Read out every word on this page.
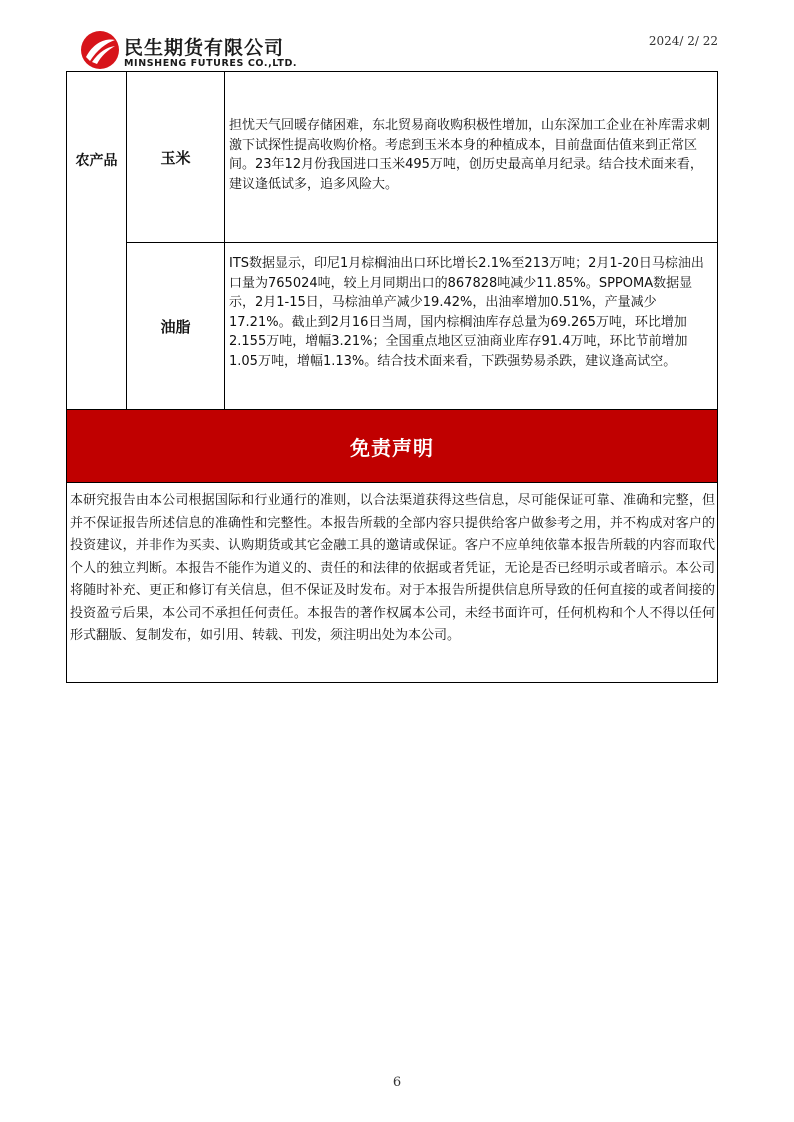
民生期货有限公司
MINSHENG FUTURES CO.,LTD.
2024/ 2/ 22
农产品	玉米
担忧天气回暖存储困难，东北贸易商收购积极性增加，山东深加工企业在补库需求刺激下试探性提高收购价格。考虑到玉米本身的种植成本，目前盘面估值来到正常区间。23年12月份我国进口玉米495万吨，创历史最高单月纪录。结合技术面来看，建议逢低试多，追多风险大。
油脂
ITS数据显示，印尼1月棕榈油出口环比增长2.1%至213万吨；2月1-20日马棕油出口量为765024吨，较上月同期出口的867828吨减少11.85%。SPPOMA数据显示，2月1-15日，马棕油单产减少19.42%，出油率增加0.51%，产量减少17.21%。截止到2月16日当周，国内棕榈油库存总量为69.265万吨，环比增加2.155万吨，增幅3.21%；全国重点地区豆油商业库存91.4万吨，环比节前增加1.05万吨，增幅1.13%。结合技术面来看，下跌强势易杀跌，建议逢高试空。
免责声明
本研究报告由本公司根据国际和行业通行的准则，以合法渠道获得这些信息，尽可能保证可靠、准确和完整，但并不保证报告所述信息的准确性和完整性。本报告所载的全部内容只提供给客户做参考之用，并不构成对客户的投资建议，并非作为买卖、认购期货或其它金融工具的邀请或保证。客户不应单纯依靠本报告所载的内容而取代个人的独立判断。本报告不能作为道义的、责任的和法律的依据或者凭证，无论是否已经明示或者暗示。本公司将随时补充、更正和修订有关信息，但不保证及时发布。对于本报告所提供信息所导致的任何直接的或者间接的投资盈亏后果，本公司不承担任何责任。本报告的著作权属本公司，未经书面许可，任何机构和个人不得以任何形式翻版、复制发布，如引用、转载、刊发，须注明出处为本公司。
6
